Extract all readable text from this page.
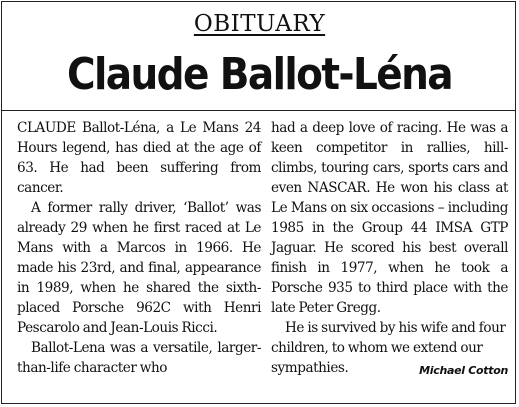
OBITUARY
Claude Ballot-Léna

CLAUDE Ballot-Léna, a Le Mans 24 Hours legend, has died at the age of 63. He had been suffering from cancer.

A former rally driver, ‘Ballot’ was already 29 when he first raced at Le Mans with a Marcos in 1966. He made his 23rd, and final, appearance in 1989, when he shared the sixth-placed Porsche 962C with Henri Pescarolo and Jean-Louis Ricci.

Ballot-Lena was a versatile, larger-than-life character who

had a deep love of racing. He was a keen competitor in rallies, hill-climbs, touring cars, sports cars and even NASCAR. He won his class at Le Mans on six occasions – including 1985 in the Group 44 IMSA GTP Jaguar. He scored his best overall finish in 1977, when he took a Porsche 935 to third place with the late Peter Gregg.

He is survived by his wife and four children, to whom we extend our sympathies.	Michael Cotton
